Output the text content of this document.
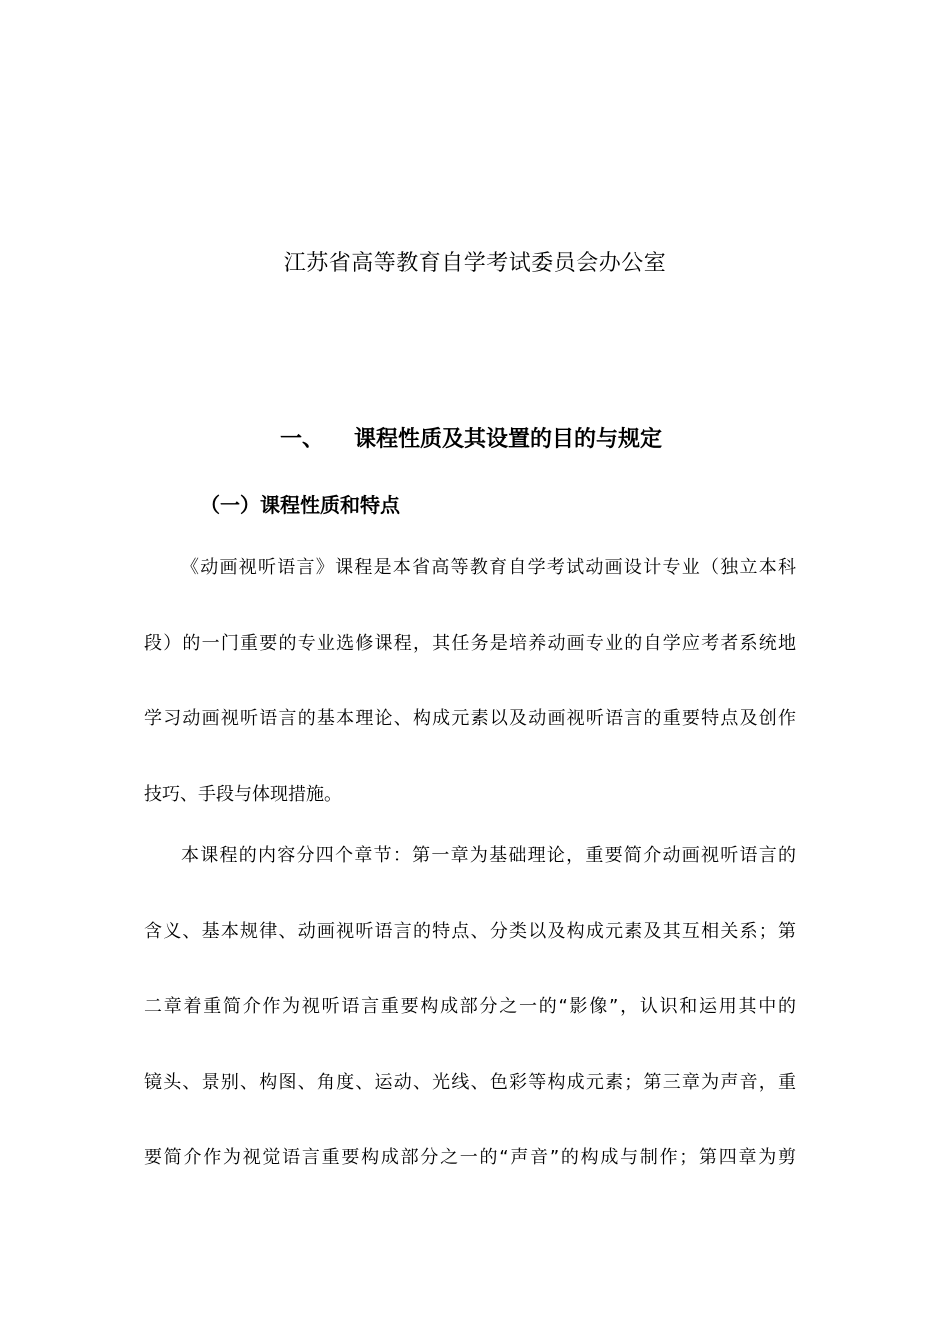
江苏省高等教育自学考试委员会办公室
一、 课程性质及其设置的目的与规定
（一）课程性质和特点
《动画视听语言》课程是本省高等教育自学考试动画设计专业（独立本科
段）的一门重要的专业选修课程，其任务是培养动画专业的自学应考者系统地
学习动画视听语言的基本理论、构成元素以及动画视听语言的重要特点及创作
技巧、手段与体现措施。
本课程的内容分四个章节：第一章为基础理论，重要简介动画视听语言的
含义、基本规律、动画视听语言的特点、分类以及构成元素及其互相关系；第
二章着重简介作为视听语言重要构成部分之一的“影像”，认识和运用其中的
镜头、景别、构图、角度、运动、光线、色彩等构成元素；第三章为声音，重
要简介作为视觉语言重要构成部分之一的“声音”的构成与制作；第四章为剪
